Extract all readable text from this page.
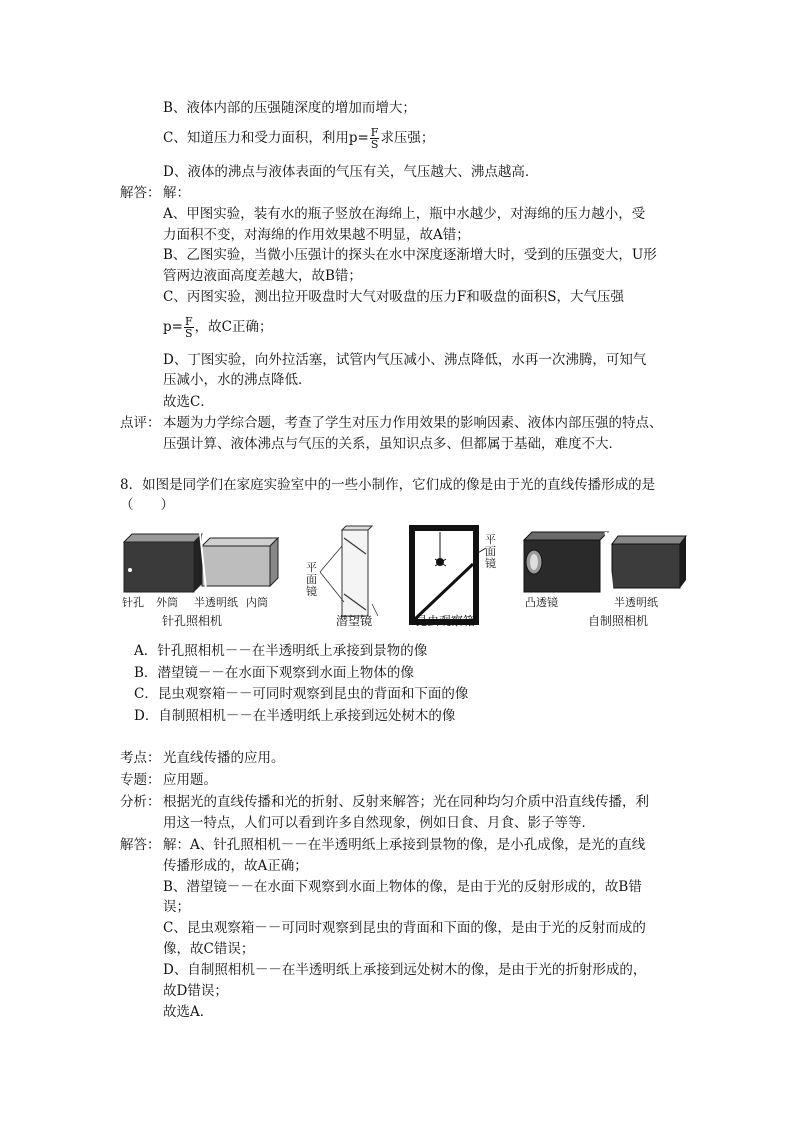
B、液体内部的压强随深度的增加而增大；
C、知道压力和受力面积，利用$p= \frac{F}{S}$ 求压强；
D、液体的沸点与液体表面的气压有关，气压越大、沸点越高．
解答： 解：
A、甲图实验，装有水的瓶子竖放在海绵上，瓶中水越少，对海绵的压力越小，受
力面积不变，对海绵的作用效果越不明显，故A错；
B、乙图实验，当微小压强计的探头在水中深度逐渐增大时，受到的压强变大，U形
管两边液面高度差越大，故B错；
C、丙图实验，测出拉开吸盘时大气对吸盘的压力F和吸盘的面积S，大气压强
$p= \frac{F}{S}$ ，故C正确；
D、丁图实验，向外拉活塞，试管内气压减小、沸点降低，水再一次沸腾，可知气
压减小，水的沸点降低．
故选C．
点评： 本题为力学综合题，考查了学生对压力作用效果的影响因素、液体内部压强的特点、
压强计算、液体沸点与气压的关系，虽知识点多、但都属于基础，难度不大．
8．如图是同学们在家庭实验室中的一些小制作，它们成的像是由于光的直线传播形成的是
（　　）
针孔 外筒 半透明纸 内筒
平面镜
平面镜
凸透镜	半透明纸
针孔照相机	潜望镜	昆虫观察箱	自制照相机
A．针孔照相机－－在半透明纸上承接到景物的像
B．潜望镜－－在水面下观察到水面上物体的像
C．昆虫观察箱－－可同时观察到昆虫的背面和下面的像
D．自制照相机－－在半透明纸上承接到远处树木的像
考点： 光直线传播的应用。
专题： 应用题。
分析： 根据光的直线传播和光的折射、反射来解答；光在同种均匀介质中沿直线传播，利
用这一特点，人们可以看到许多自然现象，例如日食、月食、影子等等．
解答： 解：A、针孔照相机－－在半透明纸上承接到景物的像，是小孔成像，是光的直线
传播形成的，故A正确；
B、潜望镜－－在水面下观察到水面上物体的像，是由于光的反射形成的，故B错
误；
C、昆虫观察箱－－可同时观察到昆虫的背面和下面的像，是由于光的反射而成的
像，故C错误；
D、自制照相机－－在半透明纸上承接到远处树木的像，是由于光的折射形成的，
故D错误；
故选A．
